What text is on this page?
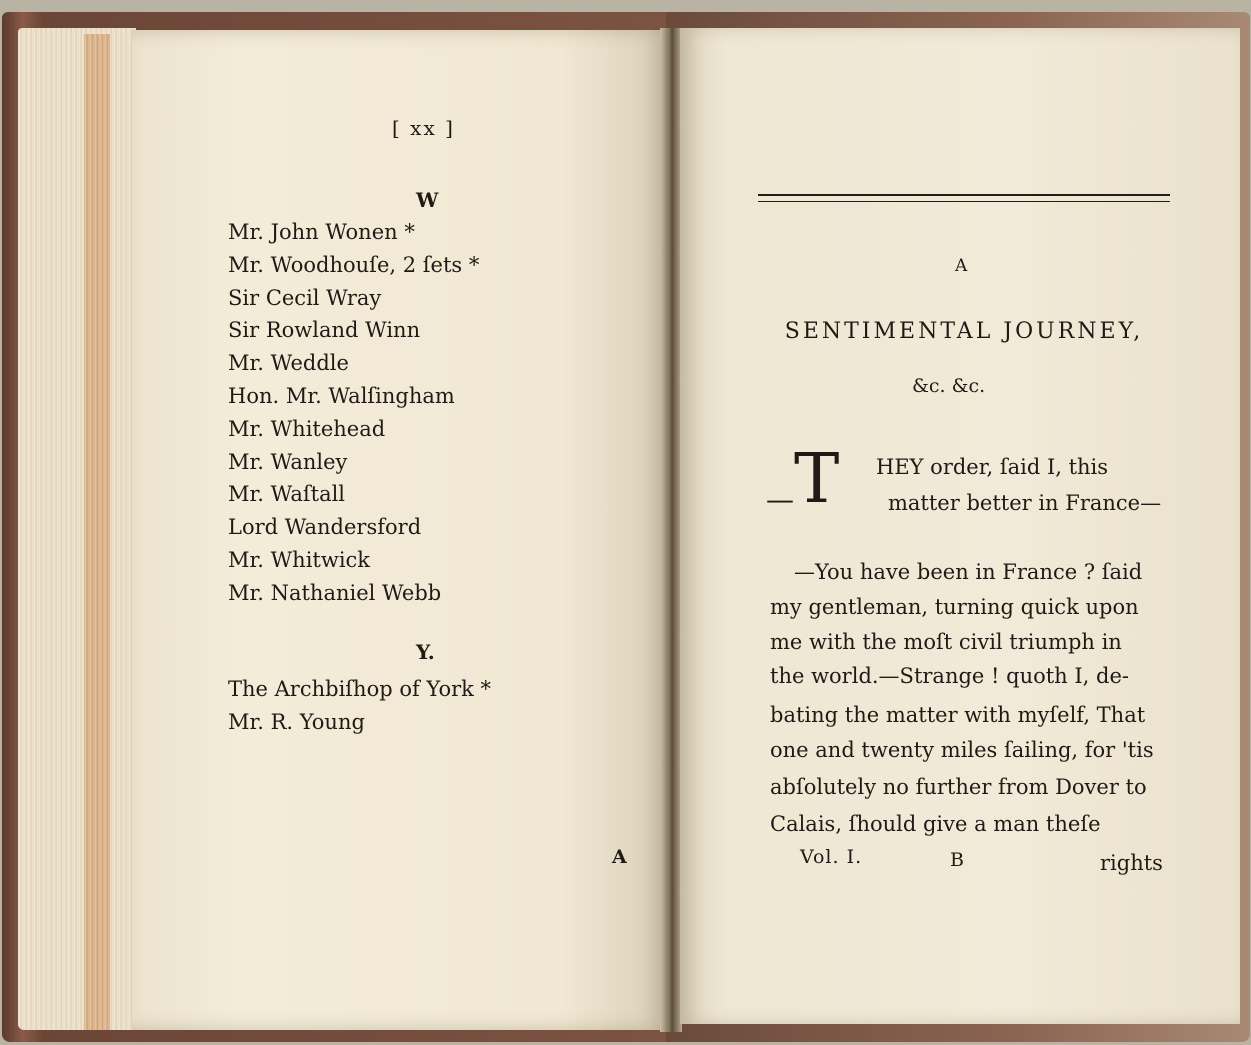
[ xx ]
W
Mr. John Wonen *
Mr. Woodhouſe, 2 ſets *
Sir Cecil Wray
Sir Rowland Winn
Mr. Weddle
Hon. Mr. Walſingham
Mr. Whitehead
Mr. Wanley
Mr. Waſtall
Lord Wandersford
Mr. Whitwick
Mr. Nathaniel Webb
Y.
The Archbiſhop of York *
Mr. R. Young
A
A
SENTIMENTAL JOURNEY,
&c. &c.
—T HEY order, ſaid I, this
matter better in France—
—You have been in France ? ſaid
my gentleman, turning quick upon
me with the moſt civil triumph in
the world.—Strange ! quoth I, de-
bating the matter with myſelf, That
one and twenty miles ſailing, for 'tis
abſolutely no further from Dover to
Calais, ſhould give a man theſe
Vol. I.	B	rights
